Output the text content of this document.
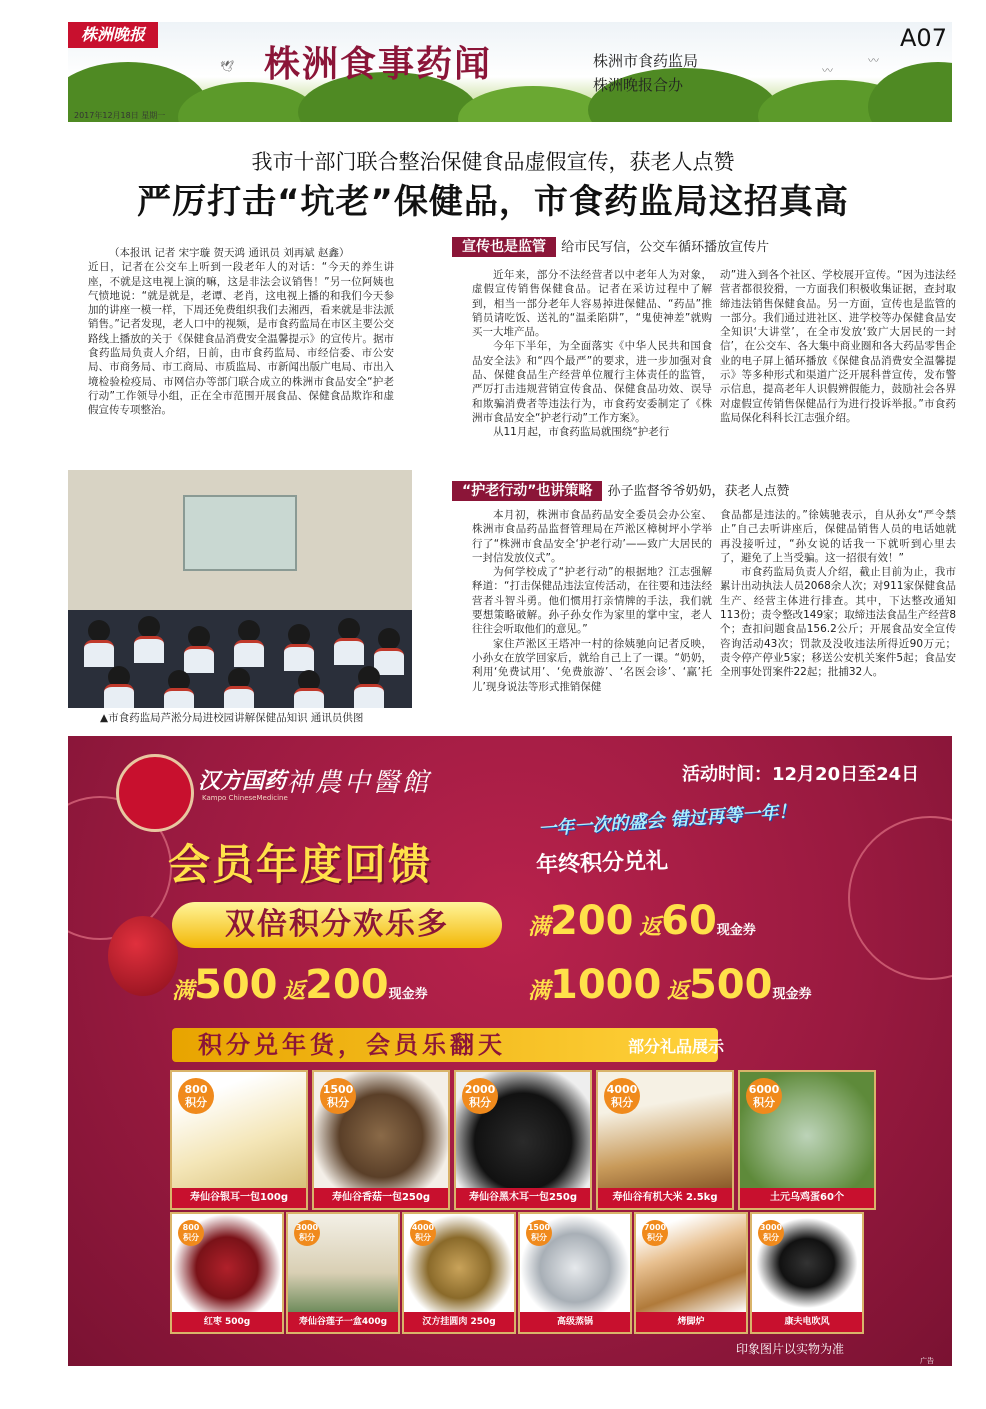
🕊	〰
〰
株洲晚报
株洲食事药闻	株洲市食药监局
株洲晚报合办
A07
2017年12月18日 星期一
我市十部门联合整治保健食品虚假宣传，获老人点赞
严厉打击“坑老”保健品，市食药监局这招真高

（本报讯 记者 宋宇璇 贺天鸿 通讯员 刘再斌 赵鑫）

近日，记者在公交车上听到一段老年人的对话：“今天的养生讲座，不就是这电视上演的嘛，这是非法会议销售！”另一位阿姨也气愤地说：“就是就是，老谭、老肖，这电视上播的和我们今天参加的讲座一模一样，下周还免费组织我们去湘西，看来就是非法派销售。”记者发现，老人口中的视频，是市食药监局在市区主要公交路线上播放的关于《保健食品消费安全温馨提示》的宣传片。据市食药监局负责人介绍，日前，由市食药监局、市经信委、市公安局、市商务局、市工商局、市质监局、市新闻出版广电局、市出入境检验检疫局、市网信办等部门联合成立的株洲市食品安全“护老行动”工作领导小组，正在全市范围开展食品、保健食品欺诈和虚假宣传专项整治。

▲市食药监局芦淞分局进校园讲解保健品知识 通讯员供图
宣传也是监管 给市民写信，公交车循环播放宣传片

近年来，部分不法经营者以中老年人为对象，虚假宣传销售保健食品。记者在采访过程中了解到，相当一部分老年人容易掉进保健品、“药品”推销员请吃饭、送礼的“温柔陷阱”，“鬼使神差”就购买一大堆产品。

今年下半年，为全面落实《中华人民共和国食品安全法》和“四个最严”的要求，进一步加强对食品、保健食品生产经营单位履行主体责任的监管，严厉打击违规营销宣传食品、保健食品功效、误导和欺骗消费者等违法行为，市食药安委制定了《株洲市食品安全“护老行动”工作方案》。

从11月起，市食药监局就围绕“护老行

动”进入到各个社区、学校展开宣传。“因为违法经营者都很狡猾，一方面我们积极收集证据，查封取缔违法销售保健食品。另一方面，宣传也是监管的一部分。我们通过进社区、进学校等办保健食品安全知识‘大讲堂’，在全市发放‘致广大居民的一封信’，在公交车、各大集中商业圈和各大药品零售企业的电子屏上循环播放《保健食品消费安全温馨提示》等多种形式和渠道广泛开展科普宣传，发布警示信息，提高老年人识假辨假能力，鼓励社会各界对虚假宣传销售保健品行为进行投诉举报。”市食药监局保化科科长江志强介绍。

“护老行动”也讲策略 孙子监督爷爷奶奶，获老人点赞

本月初，株洲市食品药品安全委员会办公室、株洲市食品药品监督管理局在芦淞区樟树坪小学举行了“株洲市食品安全‘护老行动’——致广大居民的一封信发放仪式”。

为何学校成了“护老行动”的根据地？江志强解释道：“打击保健品违法宣传活动，在往要和违法经营者斗智斗勇。他们惯用打亲情牌的手法，我们就要想策略破解。孙子孙女作为家里的掌中宝，老人往往会听取他们的意见。”

家住芦淞区王塔冲一村的徐姨驰向记者反映，小孙女在放学回家后，就给自己上了一课。“奶奶，利用‘免费试用’、‘免费旅游’、‘名医会诊’、‘赢’托儿’现身说法等形式推销保健

食品都是违法的。”徐姨驰表示，自从孙女“严令禁止”自己去听讲座后，保健品销售人员的电话她就再没接听过，“孙女说的话我一下就听到心里去了，避免了上当受骗。这一招很有效！”

市食药监局负责人介绍，截止目前为止，我市累计出动执法人员2068余人次；对911家保健食品生产、经营主体进行排查。其中，下达整改通知113份；责令整改149家；取缔违法食品生产经营8个；查扣问题食品156.2公斤；开展食品安全宣传咨询活动43次；罚款及没收违法所得近90万元；责令停产停业5家；移送公安机关案件5起；食品安全刑事处罚案件22起；批捕32人。

汉方国药
Kampo ChineseMedicine
神農中醫館	活动时间：12月20日至24日
一年一次的盛会 错过再等一年！
会员年度回馈	年终积分兑礼
双倍积分欢乐多	满200 返60现金券
满500 返200现金券	满1000 返500现金券
积分兑年货，会员乐翻天	部分礼品展示
800
积分
寿仙谷银耳一包100g
1500
积分
寿仙谷香菇一包250g
2000
积分
寿仙谷黑木耳一包250g
4000
积分
寿仙谷有机大米 2.5kg
6000
积分
土元乌鸡蛋60个
800
积分
红枣 500g
3000
积分
寿仙谷莲子一盒400g
4000
积分
汉方挂圆肉 250g
1500
积分
高级蒸锅
7000
积分
烤脚炉
3000
积分
康夫电吹风
印象图片以实物为准
广告
